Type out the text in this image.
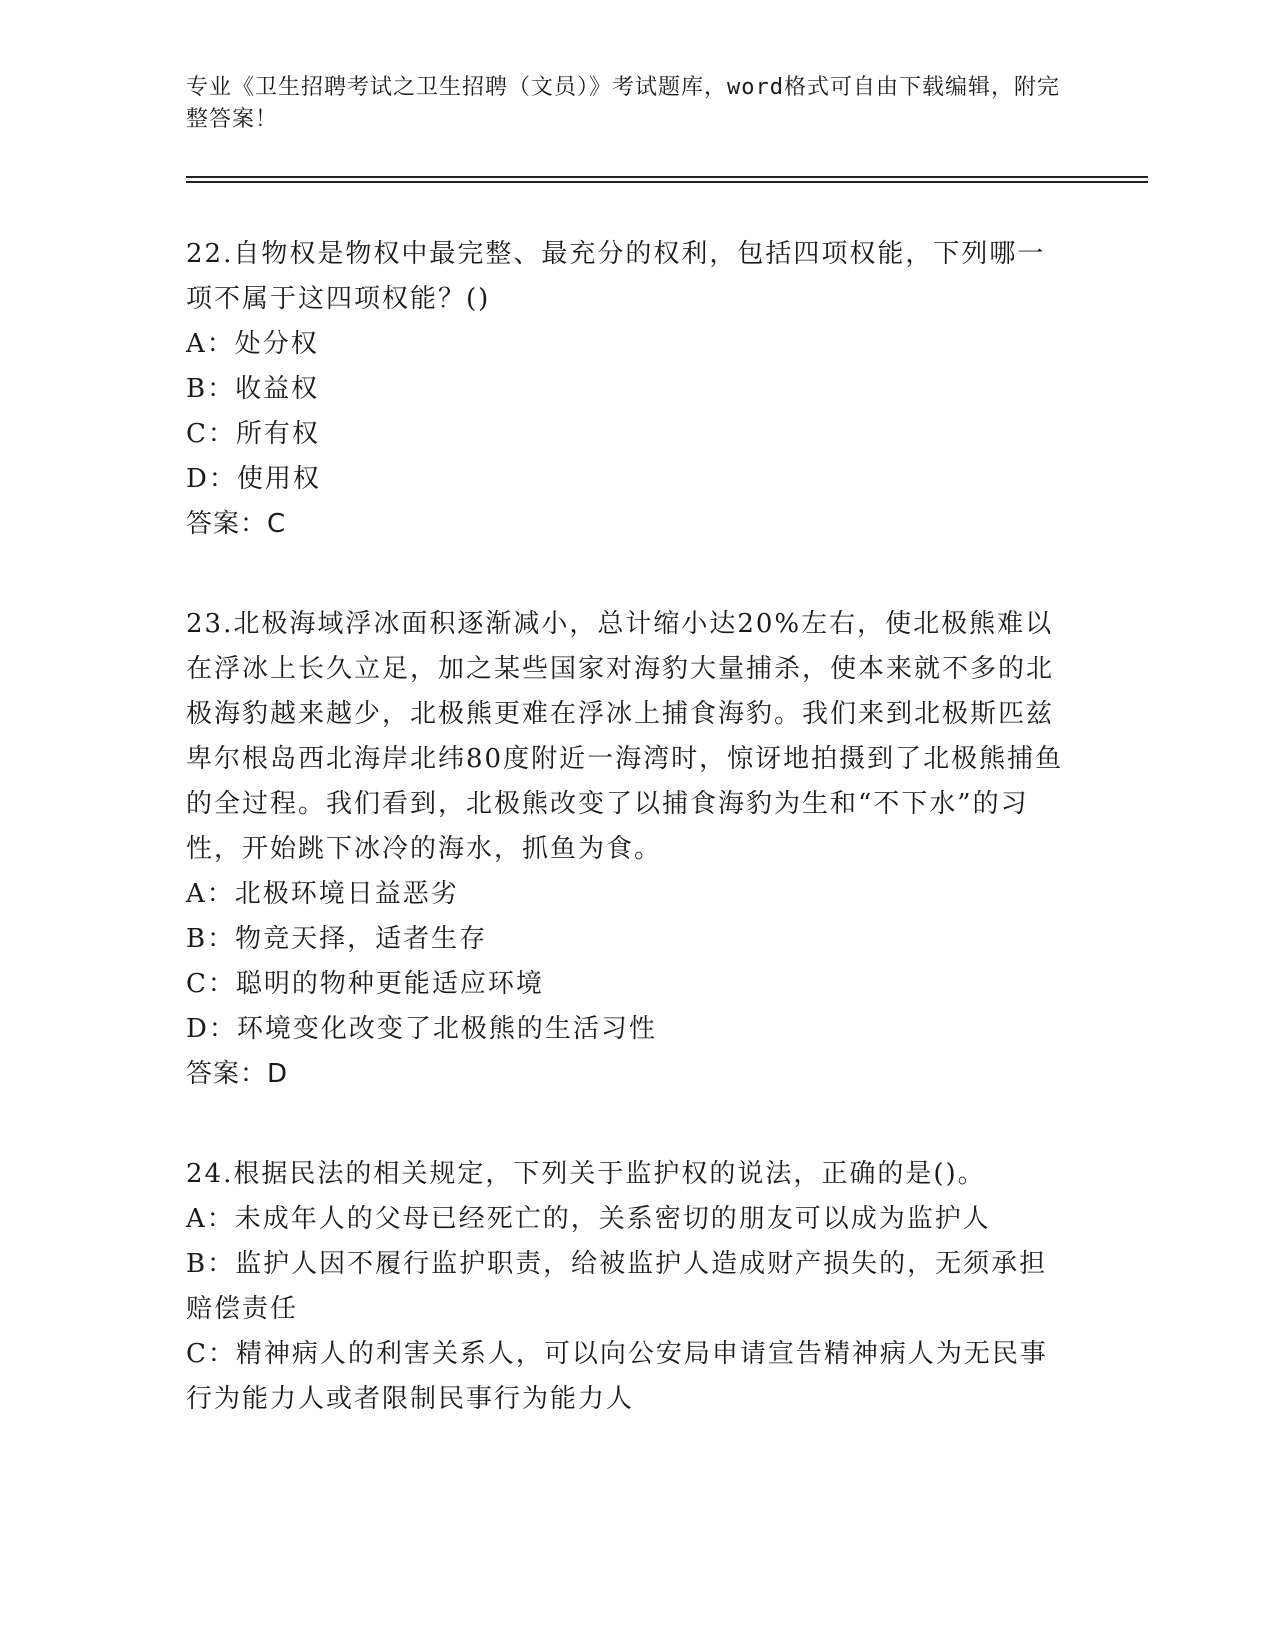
专业《卫生招聘考试之卫生招聘（文员）》考试题库，word格式可自由下载编辑，附完整答案！

22.自物权是物权中最完整、最充分的权利，包括四项权能，下列哪一项不属于这四项权能？()

A：处分权

B：收益权

C：所有权

D：使用权

答案：C

23.北极海域浮冰面积逐渐减小，总计缩小达20%左右，使北极熊难以在浮冰上长久立足，加之某些国家对海豹大量捕杀，使本来就不多的北极海豹越来越少，北极熊更难在浮冰上捕食海豹。我们来到北极斯匹兹卑尔根岛西北海岸北纬80度附近一海湾时，惊讶地拍摄到了北极熊捕鱼的全过程。我们看到，北极熊改变了以捕食海豹为生和“不下水”的习性，开始跳下冰冷的海水，抓鱼为食。

A：北极环境日益恶劣

B：物竞天择，适者生存

C：聪明的物种更能适应环境

D：环境变化改变了北极熊的生活习性

答案：D

24.根据民法的相关规定，下列关于监护权的说法，正确的是()。

A：未成年人的父母已经死亡的，关系密切的朋友可以成为监护人

B：监护人因不履行监护职责，给被监护人造成财产损失的，无须承担赔偿责任

C：精神病人的利害关系人，可以向公安局申请宣告精神病人为无民事行为能力人或者限制民事行为能力人
